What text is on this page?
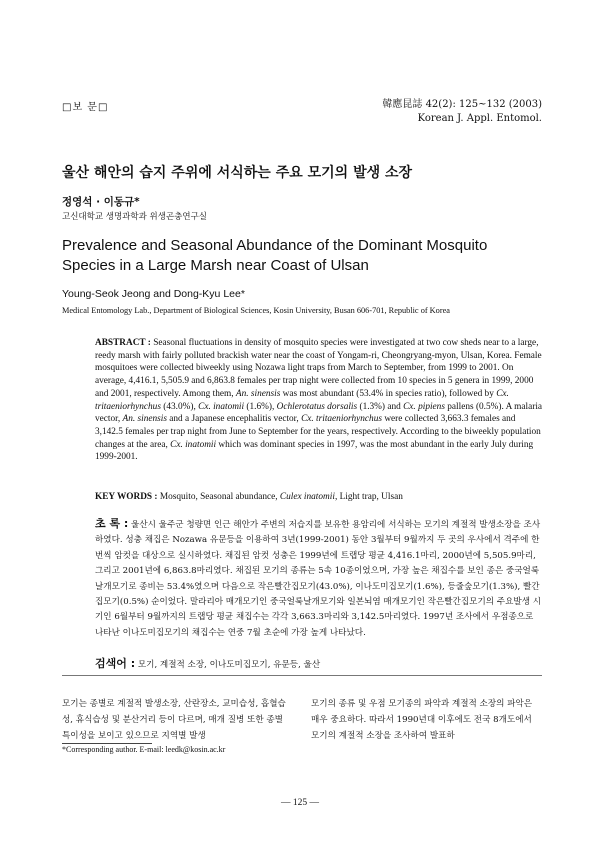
□보 문□	韓應昆誌 42(2): 125~132 (2003)
Korean J. Appl. Entomol.
울산 해안의 습지 주위에 서식하는 주요 모기의 발생 소장
정영석 · 이동규*
고신대학교 생명과학과 위생곤충연구실
Prevalence and Seasonal Abundance of the Dominant Mosquito Species in a Large Marsh near Coast of Ulsan
Young-Seok Jeong and Dong-Kyu Lee*
Medical Entomology Lab., Department of Biological Sciences, Kosin University, Busan 606-701, Republic of Korea
ABSTRACT : Seasonal fluctuations in density of mosquito species were investigated at two cow sheds near to a large, reedy marsh with fairly polluted brackish water near the coast of Yongam-ri, Cheongryang-myon, Ulsan, Korea. Female mosquitoes were collected biweekly using Nozawa light traps from March to September, from 1999 to 2001. On average, 4,416.1, 5,505.9 and 6,863.8 females per trap night were collected from 10 species in 5 genera in 1999, 2000 and 2001, respectively. Among them, An. sinensis was most abundant (53.4% in species ratio), followed by Cx. tritaeniorhynchus (43.0%), Cx. inatomii (1.6%), Ochlerotatus dorsalis (1.3%) and Cx. pipiens pallens (0.5%). A malaria vector, An. sinensis and a Japanese encephalitis vector, Cx. tritaeniorhynchus were collected 3,663.3 females and 3,142.5 females per trap night from June to September for the years, respectively. According to the biweekly population changes at the area, Cx. inatomii which was dominant species in 1997, was the most abundant in the early July during 1999-2001.
KEY WORDS : Mosquito, Seasonal abundance, Culex inatomii, Light trap, Ulsan
초 록 : 울산시 울주군 청량면 인근 해안가 주변의 저습지를 보유한 용암리에 서식하는 모기의 계절적 발생소장을 조사하였다. 성충 채집은 Nozawa 유문등을 이용하여 3년(1999-2001) 동안 3월부터 9월까지 두 곳의 우사에서 격주에 한번씩 암컷을 대상으로 실시하였다. 채집된 암컷 성충은 1999년에 트랩당 평균 4,416.1마리, 2000년에 5,505.9마리, 그리고 2001년에 6,863.8마리였다. 채집된 모기의 종류는 5속 10종이었으며, 가장 높은 채집수를 보인 종은 중국얼룩날개모기로 종비는 53.4%였으며 다음으로 작은빨간집모기(43.0%), 이나도미집모기(1.6%), 등줄숲모기(1.3%), 빨간집모기(0.5%) 순이었다. 말라리아 매개모기인 중국얼룩날개모기와 일본뇌염 매개모기인 작은빨간집모기의 주요발생 시기인 6월부터 9월까지의 트랩당 평균 채집수는 각각 3,663.3마리와 3,142.5마리였다. 1997년 조사에서 우점종으로 나타난 이나도미집모기의 채집수는 연중 7월 초순에 가장 높게 나타났다.
검색어 : 모기, 계절적 소장, 이나도미집모기, 유문등, 울산
모기는 종별로 계절적 발생소장, 산란장소, 교미습성, 흡혈습성, 휴식습성 및 분산거리 등이 다르며, 매개 질병 또한 종별 특이성을 보이고 있으므로 지역별 발생
모기의 종류 및 우점 모기종의 파악과 계절적 소장의 파악은 매우 중요하다. 따라서 1990년대 이후에도 전국 8개도에서 모기의 계절적 소장을 조사하여 발표하
*Corresponding author. E-mail: leedk@kosin.ac.kr
— 125 —
